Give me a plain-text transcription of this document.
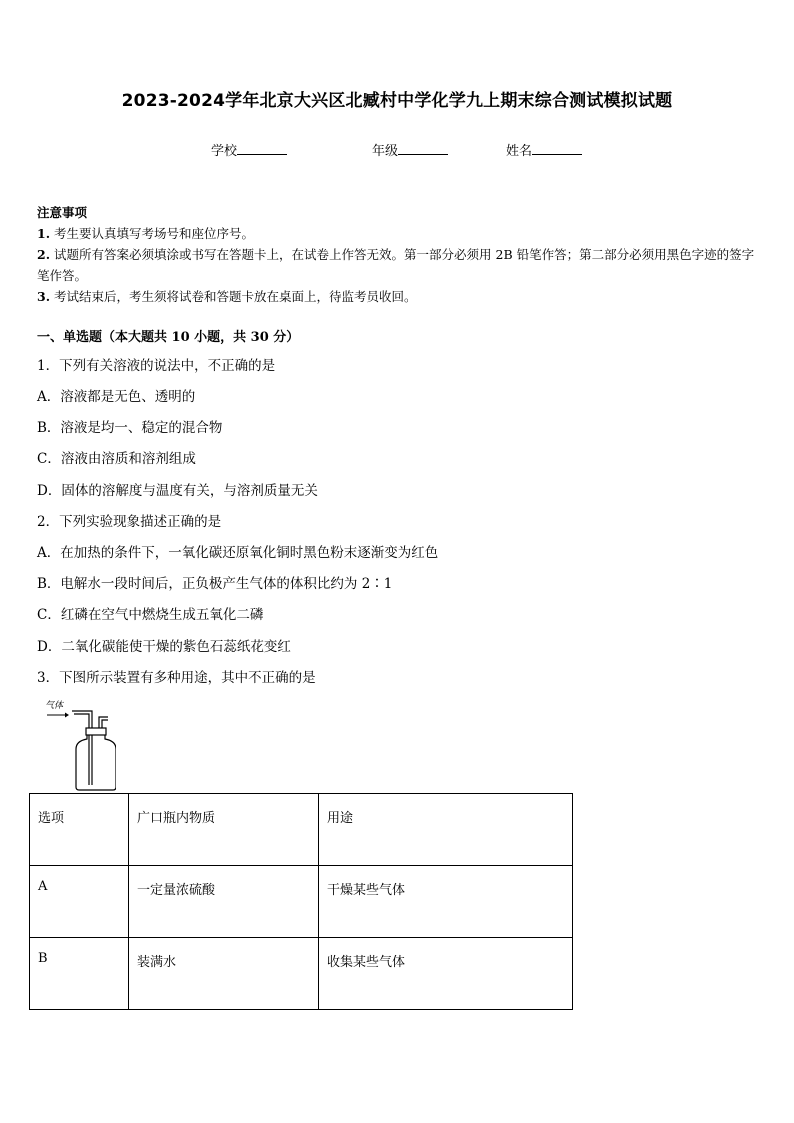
2023-2024学年北京大兴区北臧村中学化学九上期末综合测试模拟试题
学校	年级	姓名
注意事项
1. 考生要认真填写考场号和座位序号。
2. 试题所有答案必须填涂或书写在答题卡上，在试卷上作答无效。第一部分必须用 2B 铅笔作答；第二部分必须用黑色字迹的签字笔作答。
3. 考试结束后，考生须将试卷和答题卡放在桌面上，待监考员收回。
一、单选题（本大题共 10 小题，共 30 分）
1．下列有关溶液的说法中，不正确的是
A．溶液都是无色、透明的
B．溶液是均一、稳定的混合物
C．溶液由溶质和溶剂组成
D．固体的溶解度与温度有关，与溶剂质量无关
2．下列实验现象描述正确的是
A．在加热的条件下，一氧化碳还原氧化铜时黑色粉末逐渐变为红色
B．电解水一段时间后，正负极产生气体的体积比约为 2∶1
C．红磷在空气中燃烧生成五氧化二磷
D．二氧化碳能使干燥的紫色石蕊纸花变红
3．下图所示装置有多种用途，其中不正确的是
气体
选项	广口瓶内物质	用途
A	一定量浓硫酸	干燥某些气体
B	装满水	收集某些气体
